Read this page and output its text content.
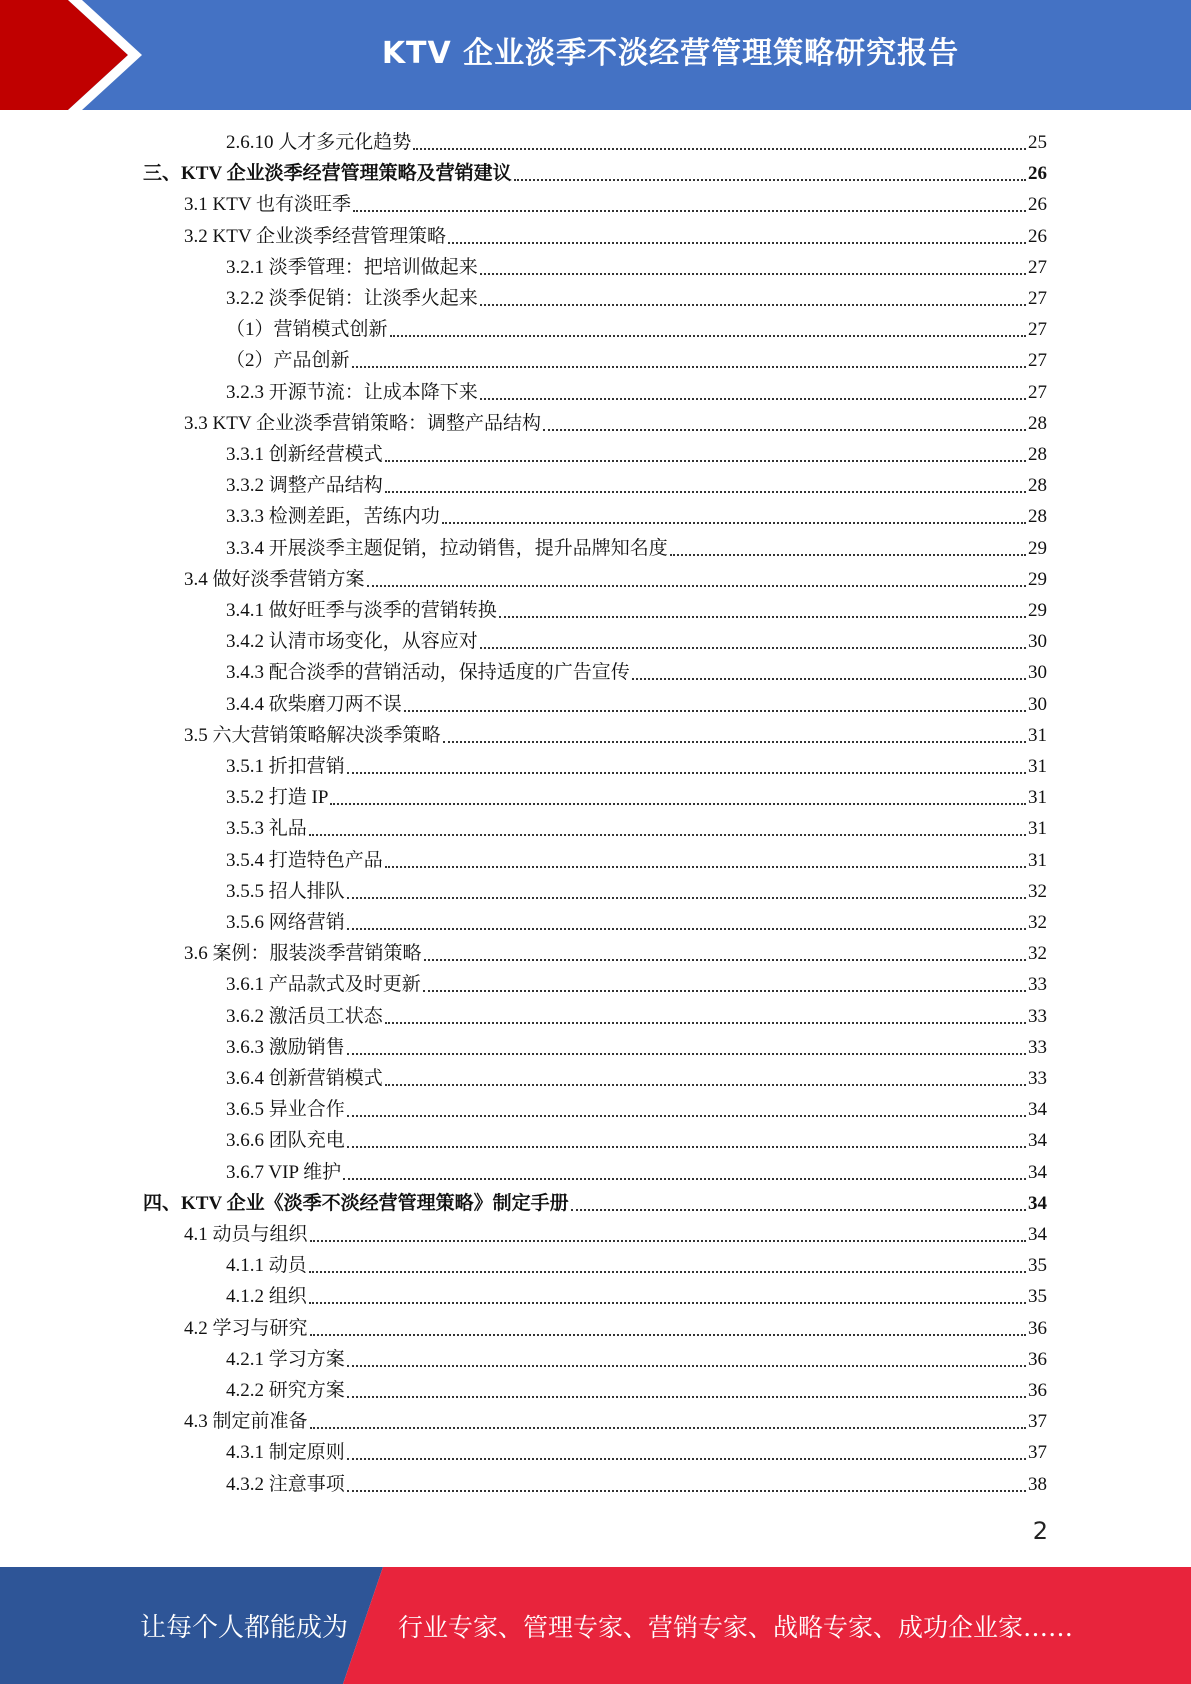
KTV 企业淡季不淡经营管理策略研究报告
2.6.10 人才多元化趋势	25
三、KTV 企业淡季经营管理策略及营销建议	26
3.1 KTV 也有淡旺季	26
3.2 KTV 企业淡季经营管理策略	26
3.2.1 淡季管理：把培训做起来	27
3.2.2 淡季促销：让淡季火起来	27
（1）营销模式创新	27
（2）产品创新	27
3.2.3 开源节流：让成本降下来	27
3.3 KTV 企业淡季营销策略：调整产品结构	28
3.3.1 创新经营模式	28
3.3.2 调整产品结构	28
3.3.3 检测差距，苦练内功	28
3.3.4 开展淡季主题促销，拉动销售，提升品牌知名度	29
3.4 做好淡季营销方案	29
3.4.1 做好旺季与淡季的营销转换	29
3.4.2 认清市场变化，从容应对	30
3.4.3 配合淡季的营销活动，保持适度的广告宣传	30
3.4.4 砍柴磨刀两不误	30
3.5 六大营销策略解决淡季策略	31
3.5.1 折扣营销	31
3.5.2 打造 IP	31
3.5.3 礼品	31
3.5.4 打造特色产品	31
3.5.5 招人排队	32
3.5.6 网络营销	32
3.6 案例：服装淡季营销策略	32
3.6.1 产品款式及时更新	33
3.6.2 激活员工状态	33
3.6.3 激励销售	33
3.6.4 创新营销模式	33
3.6.5 异业合作	34
3.6.6 团队充电	34
3.6.7 VIP 维护	34
四、KTV 企业《淡季不淡经营管理策略》制定手册	34
4.1 动员与组织	34
4.1.1 动员	35
4.1.2 组织	35
4.2 学习与研究	36
4.2.1 学习方案	36
4.2.2 研究方案	36
4.3 制定前准备	37
4.3.1 制定原则	37
4.3.2 注意事项	38
2
让每个人都能成为 行业专家、管理专家、营销专家、战略专家、成功企业家……
